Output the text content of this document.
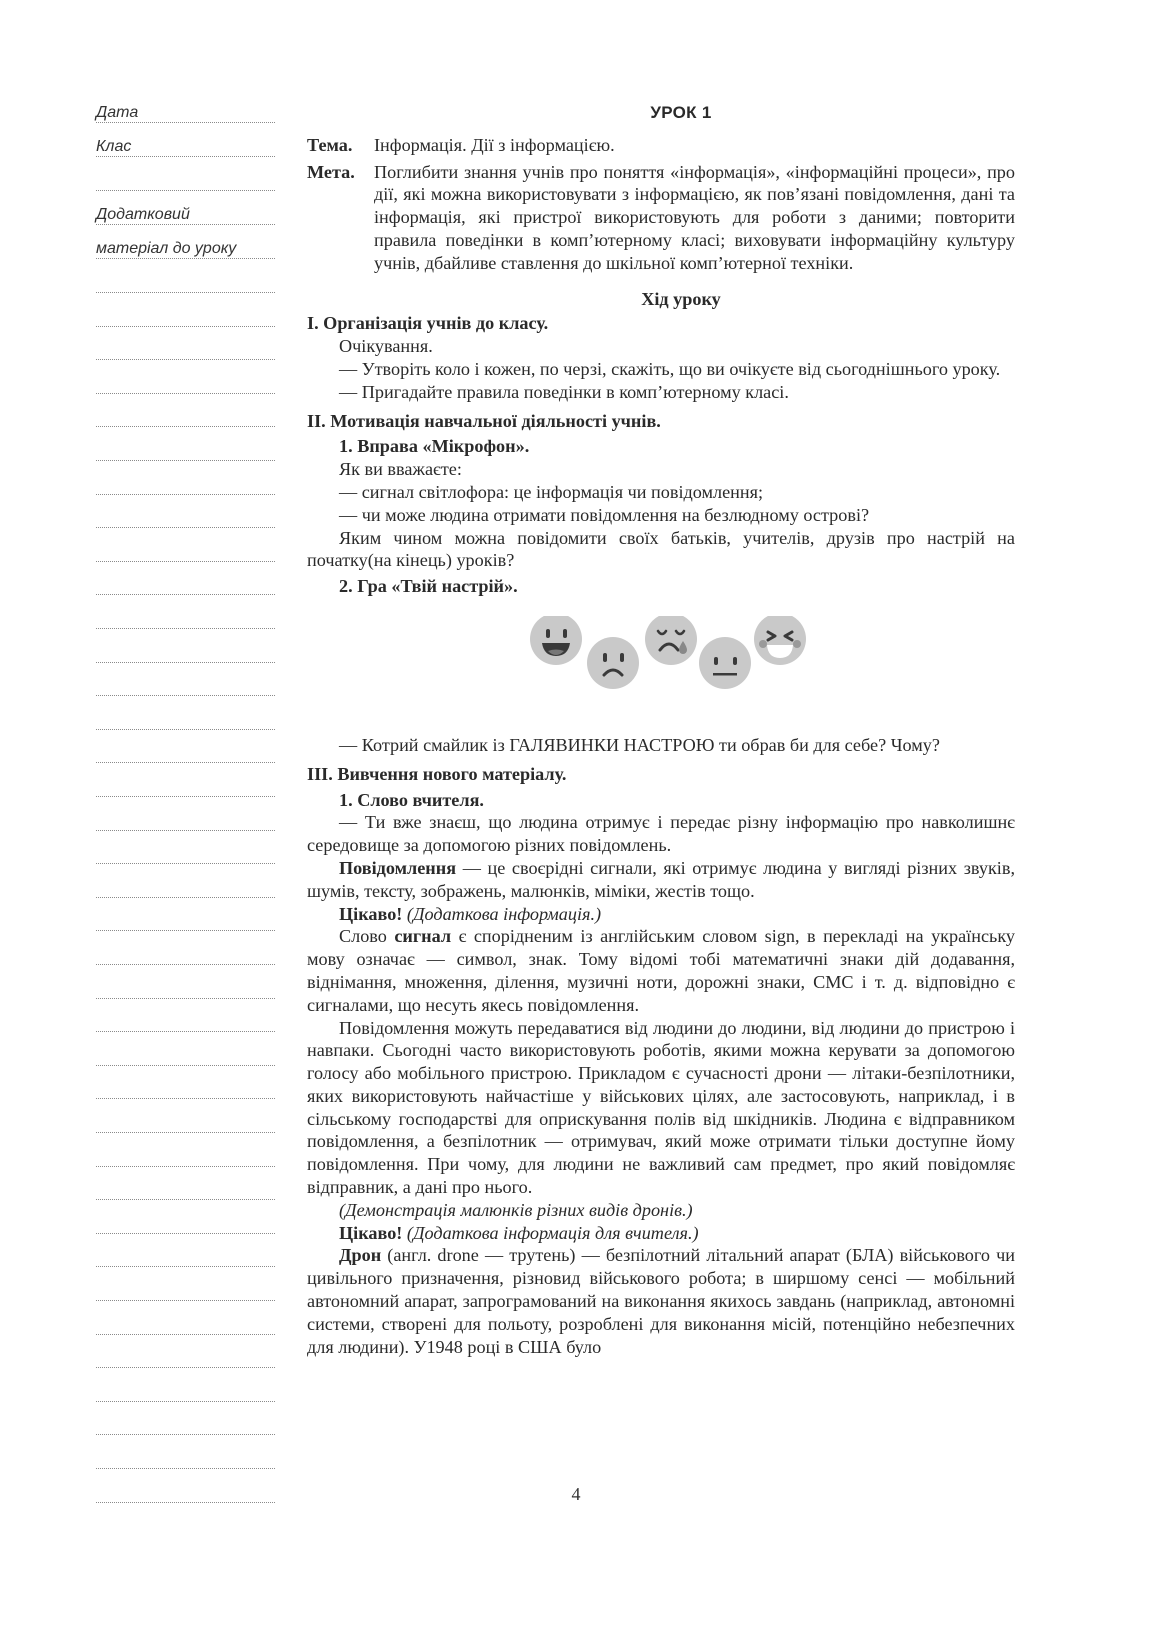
Дата
Клас
Додатковий
матеріал до уроку
УРОК 1
Тема.	Інформація. Дії з інформацією.
Мета.	Поглибити знання учнів про поняття «інформація», «інформаційні процеси», про дії, які можна використовувати з інформацією, як пов’язані повідомлення, дані та інформація, які пристрої використовують для роботи з даними; повторити правила поведінки в комп’ютерному класі; виховувати інформаційну культуру учнів, дбайливе ставлення до шкільної комп’ютерної техніки.
Хід уроку
I. Організація учнів до класу.

Очікування.

— Утворіть коло і кожен, по черзі, скажіть, що ви очікуєте від сьогоднішнього уроку.

— Пригадайте правила поведінки в комп’ютерному класі.

II. Мотивація навчальної діяльності учнів.
1. Вправа «Мікрофон».

Як ви вважаєте:

— сигнал світлофора: це інформація чи повідомлення;

— чи може людина отримати повідомлення на безлюдному острові?

Яким чином можна повідомити своїх батьків, учителів, друзів про настрій на початку(на кінець) уроків?

2. Гра «Твій настрій».

— Котрий смайлик із ГАЛЯВИНКИ НАСТРОЮ ти обрав би для себе? Чому?

III. Вивчення нового матеріалу.
1. Слово вчителя.

— Ти вже знаєш, що людина отримує і передає різну інформацію про навколишнє середовище за допомогою різних повідомлень.

Повідомлення — це своєрідні сигнали, які отримує людина у вигляді різних звуків, шумів, тексту, зображень, малюнків, міміки, жестів тощо.

Цікаво! (Додаткова інформація.)

Слово сигнал є спорідненим із англійським словом sign, в перекладі на українську мову означає — символ, знак. Тому відомі тобі математичні знаки дій додавання, віднімання, множення, ділення, музичні ноти, дорожні знаки, СМС і т. д. відповідно є сигналами, що несуть якесь повідомлення.

Повідомлення можуть передаватися від людини до людини, від людини до пристрою і навпаки. Сьогодні часто використовують роботів, якими можна керувати за допомогою голосу або мобільного пристрою. Прикладом є сучасності дрони — літаки-безпілотники, яких використовують найчастіше у військових цілях, але застосовують, наприклад, і в сільському господарстві для оприскування полів від шкідників. Людина є відправником повідомлення, а безпілотник — отримувач, який може отримати тільки доступне йому повідомлення. При чому, для людини не важливий сам предмет, про який повідомляє відправник, а дані про нього.

(Демонстрація малюнків різних видів дронів.)

Цікаво! (Додаткова інформація для вчителя.)

Дрон (англ. drone — трутень) — безпілотний літальний апарат (БЛА) військового чи цивільного призначення, різновид військового робота; в ширшому сенсі — мобільний автономний апарат, запрограмований на виконання якихось завдань (наприклад, автономні системи, створені для польоту, розроблені для виконання місій, потенційно небезпечних для людини). У1948 році в США було

4
